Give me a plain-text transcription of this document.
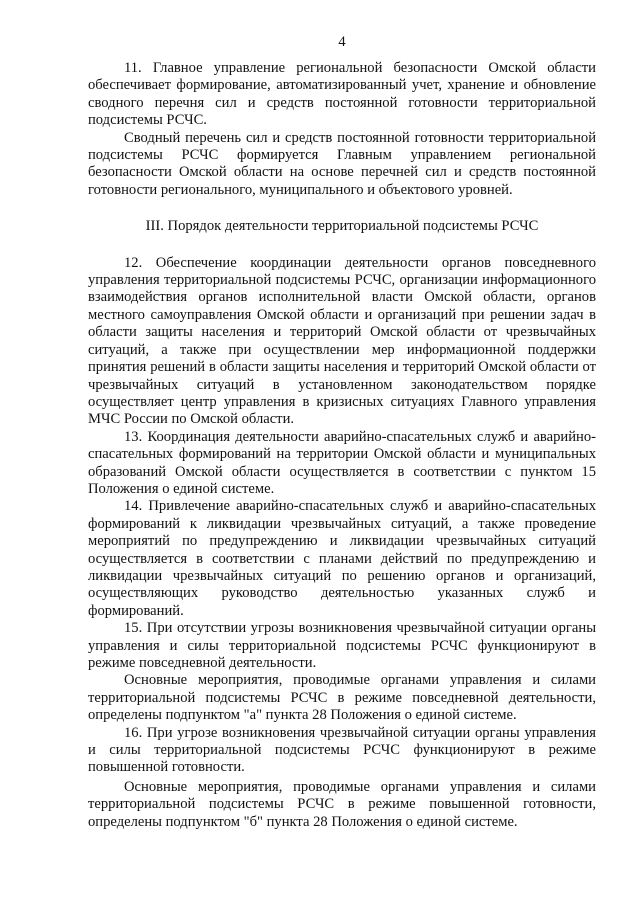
4

11. Главное управление региональной безопасности Омской области обеспечивает формирование, автоматизированный учет, хранение и обновление сводного перечня сил и средств постоянной готовности территориальной подсистемы РСЧС.

Сводный перечень сил и средств постоянной готовности территориальной подсистемы РСЧС формируется Главным управлением региональной безопасности Омской области на основе перечней сил и средств постоянной готовности регионального, муниципального и объектового уровней.

III. Порядок деятельности территориальной подсистемы РСЧС

12. Обеспечение координации деятельности органов повседневного управления территориальной подсистемы РСЧС, организации информационного взаимодействия органов исполнительной власти Омской области, органов местного самоуправления Омской области и организаций при решении задач в области защиты населения и территорий Омской области от чрезвычайных ситуаций, а также при осуществлении мер информационной поддержки принятия решений в области защиты населения и территорий Омской области от чрезвычайных ситуаций в установленном законодательством порядке осуществляет центр управления в кризисных ситуациях Главного управления МЧС России по Омской области.

13. Координация деятельности аварийно-спасательных служб и аварийно-спасательных формирований на территории Омской области и муниципальных образований Омской области осуществляется в соответствии с пунктом 15 Положения о единой системе.

14. Привлечение аварийно-спасательных служб и аварийно-спасательных формирований к ликвидации чрезвычайных ситуаций, а также проведение мероприятий по предупреждению и ликвидации чрезвычайных ситуаций осуществляется в соответствии с планами действий по предупреждению и ликвидации чрезвычайных ситуаций по решению органов и организаций, осуществляющих руководство деятельностью указанных служб и формирований.

15. При отсутствии угрозы возникновения чрезвычайной ситуации органы управления и силы территориальной подсистемы РСЧС функционируют в режиме повседневной деятельности.

Основные мероприятия, проводимые органами управления и силами территориальной подсистемы РСЧС в режиме повседневной деятельности, определены подпунктом "а" пункта 28 Положения о единой системе.

16. При угрозе возникновения чрезвычайной ситуации органы управления и силы территориальной подсистемы РСЧС функционируют в режиме повышенной готовности.

Основные мероприятия, проводимые органами управления и силами территориальной подсистемы РСЧС в режиме повышенной готовности, определены подпунктом "б" пункта 28 Положения о единой системе.
